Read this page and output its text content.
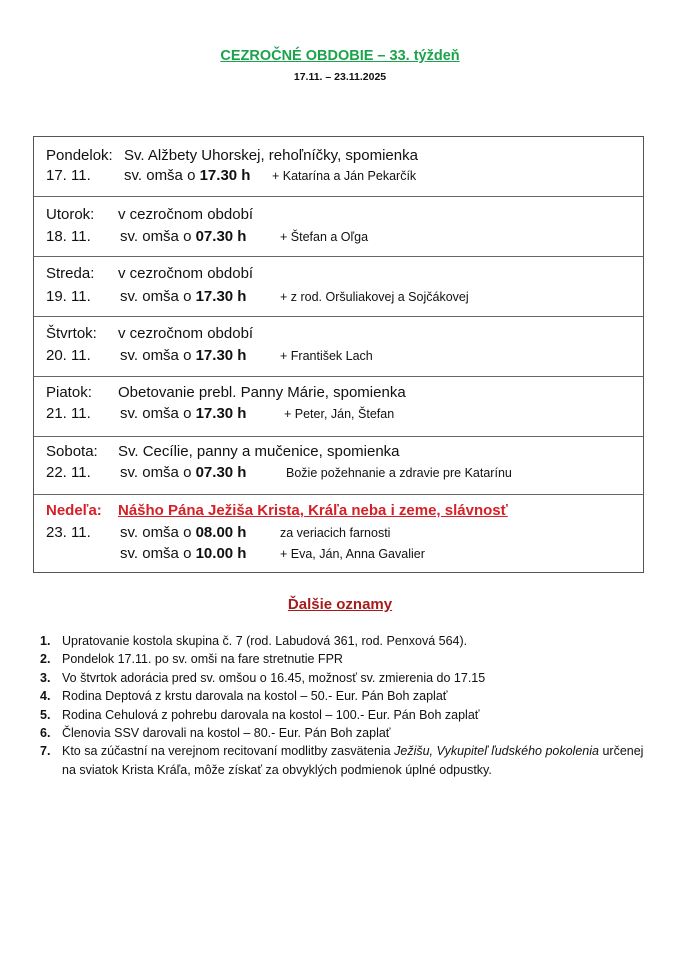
CEZROČNÉ OBDOBIE – 33. týždeň
17.11. – 23.11.2025
Pondelok: Sv. Alžbety Uhorskej, rehoľníčky, spomienka
17. 11. sv. omša o 17.30 h + Katarína a Ján Pekarčík
Utorok: v cezročnom období
18. 11. sv. omša o 07.30 h	+ Štefan a Oľga
Streda: v cezročnom období
19. 11. sv. omša o 17.30 h	+ z rod. Oršuliakovej a Sojčákovej
Štvrtok: v cezročnom období
20. 11. sv. omša o 17.30 h	+ František Lach
Piatok: Obetovanie prebl. Panny Márie, spomienka
21. 11. sv. omša o 17.30 h	+ Peter, Ján, Štefan
Sobota: Sv. Cecílie, panny a mučenice, spomienka
22. 11. sv. omša o 07.30 h	Božie požehnanie a zdravie pre Katarínu
Nedeľa: Nášho Pána Ježiša Krista, Kráľa neba i zeme, slávnosť
23. 11. sv. omša o 08.00 h	za veriacich farnosti
sv. omša o 10.00 h	+ Eva, Ján, Anna Gavalier
Ďalšie oznamy
1. Upratovanie kostola skupina č. 7 (rod. Labudová 361, rod. Penxová 564).
2. Pondelok 17.11. po sv. omši na fare stretnutie FPR
3. Vo štvrtok adorácia pred sv. omšou o 16.45, možnosť sv. zmierenia do 17.15
4. Rodina Deptová z krstu darovala na kostol – 50.- Eur. Pán Boh zaplať
5. Rodina Cehulová z pohrebu darovala na kostol – 100.- Eur. Pán Boh zaplať
6. Členovia SSV darovali na kostol – 80.- Eur. Pán Boh zaplať
7. Kto sa zúčastní na verejnom recitovaní modlitby zasvätenia Ježišu, Vykupiteľ ľudského pokolenia určenej na sviatok Krista Kráľa, môže získať za obvyklých podmienok úplné odpustky.
